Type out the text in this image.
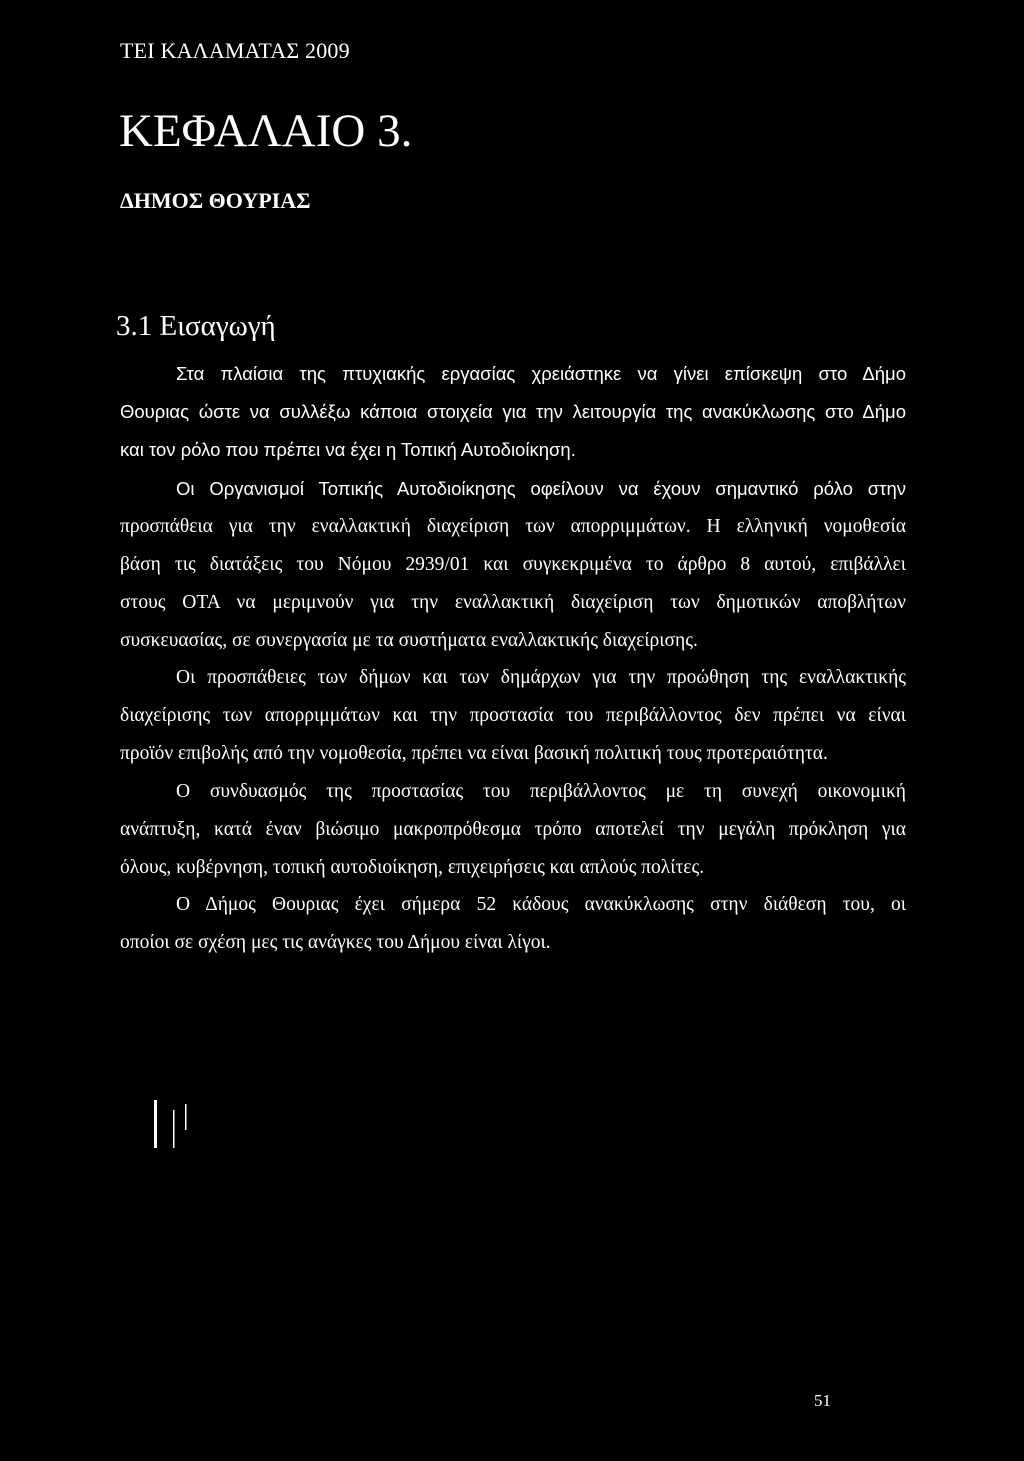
ΤΕΙ ΚΑΛΑΜΑΤΑΣ 2009
ΚΕΦΑΛΑΙΟ 3.
ΔΗΜΟΣ ΘΟΥΡΙΑΣ
3.1 Εισαγωγή

Στα πλαίσια της πτυχιακής εργασίας χρειάστηκε να γίνει επίσκεψη στο Δήμο

Θουριας ώστε να συλλέξω κάποια στοιχεία για την λειτουργία της ανακύκλωσης στο Δήμο

και τον ρόλο που πρέπει να έχει η Τοπική Αυτοδιοίκηση.

Οι Οργανισμοί Τοπικής Αυτοδιοίκησης οφείλουν να έχουν σημαντικό ρόλο στην

προσπάθεια για την εναλλακτική διαχείριση των απορριμμάτων. Η ελληνική νομοθεσία

βάση τις διατάξεις του Νόμου 2939/01 και συγκεκριμένα το άρθρο 8 αυτού, επιβάλλει

στους ΟΤΑ να μεριμνούν για την εναλλακτική διαχείριση των δημοτικών αποβλήτων

συσκευασίας, σε συνεργασία με τα συστήματα εναλλακτικής διαχείρισης.

Οι προσπάθειες των δήμων και των δημάρχων για την προώθηση της εναλλακτικής

διαχείρισης των απορριμμάτων και την προστασία του περιβάλλοντος δεν πρέπει να είναι

προϊόν επιβολής από την νομοθεσία, πρέπει να είναι βασική πολιτική τους προτεραιότητα.

Ο συνδυασμός της προστασίας του περιβάλλοντος με τη συνεχή οικονομική

ανάπτυξη, κατά έναν βιώσιμο μακροπρόθεσμα τρόπο αποτελεί την μεγάλη πρόκληση για

όλους, κυβέρνηση, τοπική αυτοδιοίκηση, επιχειρήσεις και απλούς πολίτες.

Ο Δήμος Θουριας έχει σήμερα 52 κάδους ανακύκλωσης στην διάθεση του, οι

οποίοι σε σχέση μες τις ανάγκες του Δήμου είναι λίγοι.

51
